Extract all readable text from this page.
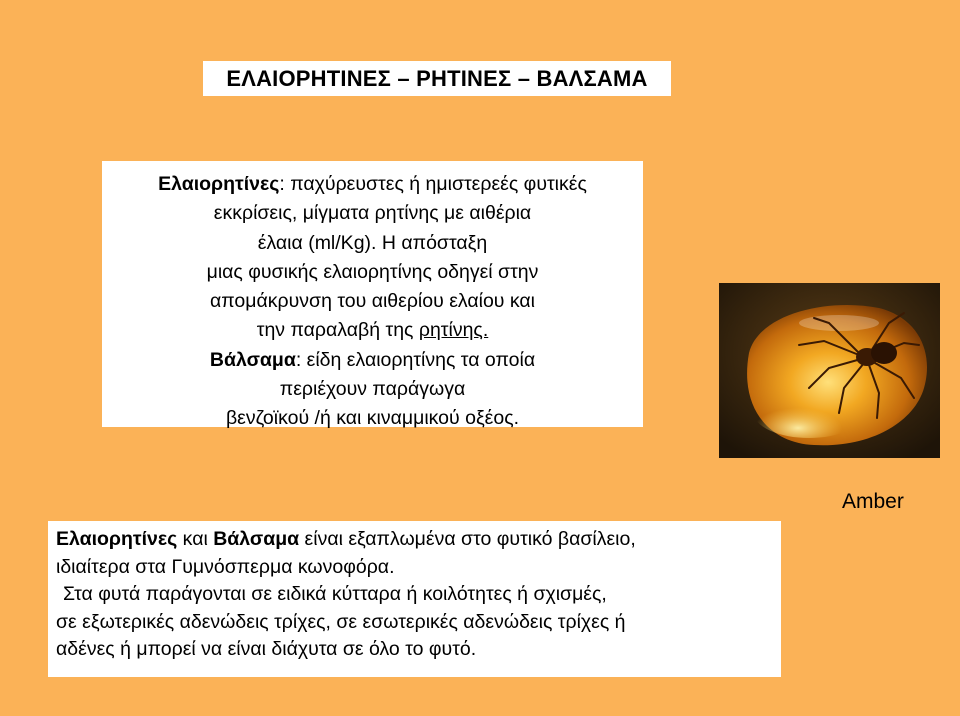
ΕΛΑΙΟΡΗΤΙΝΕΣ – ΡΗΤΙΝΕΣ – ΒΑΛΣΑΜΑ
Ελαιορητίνες: παχύρευστες ή ημιστερεές φυτικές
εκκρίσεις, μίγματα ρητίνης με αιθέρια
έλαια (ml/Kg). Η απόσταξη
μιας φυσικής ελαιορητίνης οδηγεί στην
απομάκρυνση του αιθερίου ελαίου και
την παραλαβή της ρητίνης.
Βάλσαμα: είδη ελαιορητίνης τα οποία
περιέχουν παράγωγα
βενζοϊκού /ή και κιναμμικού οξέος.
Amber
Ελαιορητίνες και Βάλσαμα είναι εξαπλωμένα στο φυτικό βασίλειο,
ιδιαίτερα στα Γυμνόσπερμα κωνοφόρα.
Στα φυτά παράγονται σε ειδικά κύτταρα ή κοιλότητες ή σχισμές,
σε εξωτερικές αδενώδεις τρίχες, σε εσωτερικές αδενώδεις τρίχες ή
αδένες ή μπορεί να είναι διάχυτα σε όλο το φυτό.
